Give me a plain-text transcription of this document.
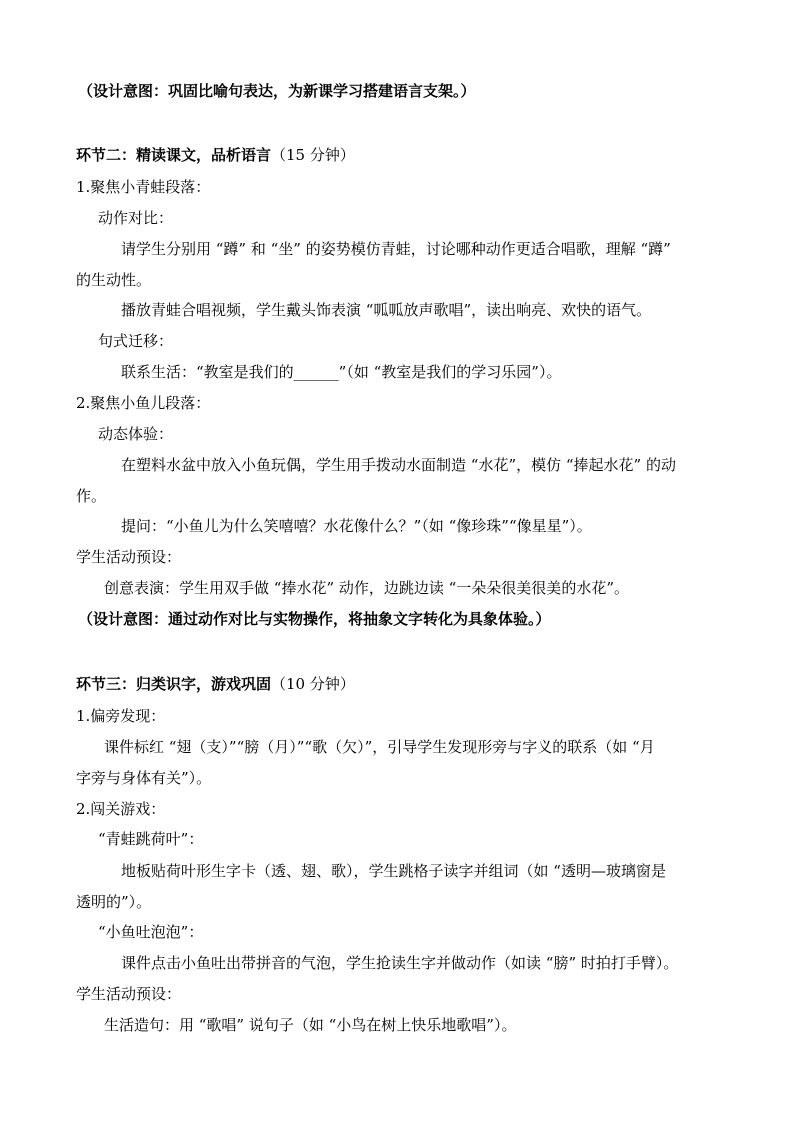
（设计意图：巩固比喻句表达，为新课学习搭建语言支架。）
环节二：精读课文，品析语言（15 分钟）
1.聚焦小青蛙段落：
动作对比：
请学生分别用 “蹲” 和 “坐” 的姿势模仿青蛙，讨论哪种动作更适合唱歌，理解 “蹲”
的生动性。
播放青蛙合唱视频，学生戴头饰表演 “呱呱放声歌唱”，读出响亮、欢快的语气。
句式迁移：
联系生活：“教室是我们的______”（如 “教室是我们的学习乐园”）。
2.聚焦小鱼儿段落：
动态体验：
在塑料水盆中放入小鱼玩偶，学生用手拨动水面制造 “水花”，模仿 “捧起水花” 的动
作。
提问：“小鱼儿为什么笑嘻嘻？水花像什么？”（如 “像珍珠”“像星星”）。
学生活动预设：
创意表演：学生用双手做 “捧水花” 动作，边跳边读 “一朵朵很美很美的水花”。
（设计意图：通过动作对比与实物操作，将抽象文字转化为具象体验。）
环节三：归类识字，游戏巩固（10 分钟）
1.偏旁发现：
课件标红 “翅（支）”“膀（月）”“歌（欠）”，引导学生发现形旁与字义的联系（如 “月
字旁与身体有关”）。
2.闯关游戏：
“青蛙跳荷叶”：
地板贴荷叶形生字卡（透、翅、歌），学生跳格子读字并组词（如 “透明—玻璃窗是
透明的”）。
“小鱼吐泡泡”：
课件点击小鱼吐出带拼音的气泡，学生抢读生字并做动作（如读 “膀” 时拍打手臂）。
学生活动预设：
生活造句：用 “歌唱” 说句子（如 “小鸟在树上快乐地歌唱”）。
